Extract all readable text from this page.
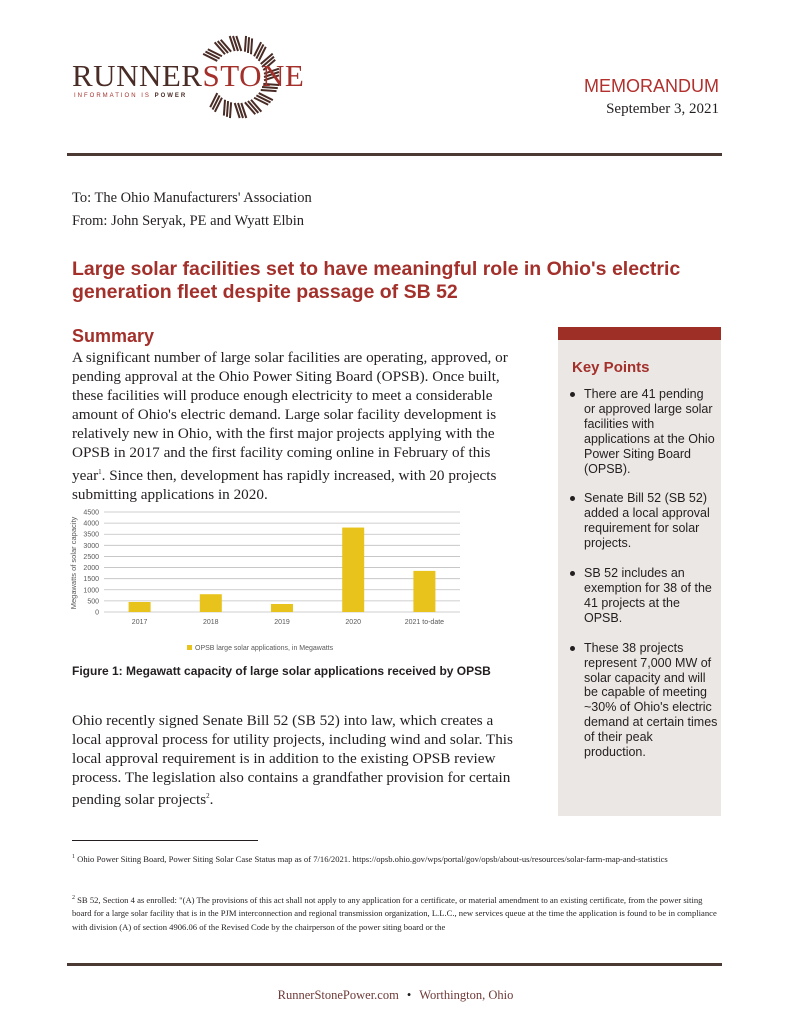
RUNNERSTONE
INFORMATION IS POWER	MEMORANDUM
September 3, 2021
To: The Ohio Manufacturers' Association
From: John Seryak, PE and Wyatt Elbin
Large solar facilities set to have meaningful role in Ohio's electric generation fleet despite passage of SB 52
Summary
A significant number of large solar facilities are operating, approved, or pending approval at the Ohio Power Siting Board (OPSB). Once built, these facilities will produce enough electricity to meet a considerable amount of Ohio's electric demand. Large solar facility development is relatively new in Ohio, with the first major projects applying with the OPSB in 2017 and the first facility coming online in February of this year$^1$. Since then, development has rapidly increased, with 20 projects submitting applications in 2020.
0
500
1000
1500
2000
2500
3000
3500
4000
4500
2017	2018	2019	2020	2021 to-date
Megawatts of solar capacity
OPSB large solar applications, in Megawatts
Figure 1: Megawatt capacity of large solar applications received by OPSB
Ohio recently signed Senate Bill 52 (SB 52) into law, which creates a local approval process for utility projects, including wind and solar. This local approval requirement is in addition to the existing OPSB review process. The legislation also contains a grandfather provision for certain pending solar projects$^2$.
Key Points
There are 41 pending or approved large solar facilities with applications at the Ohio Power Siting Board (OPSB).
Senate Bill 52 (SB 52) added a local approval requirement for solar projects.
SB 52 includes an exemption for 38 of the 41 projects at the OPSB.
These 38 projects represent 7,000 MW of solar capacity and will be capable of meeting ~30% of Ohio's electric demand at certain times of their peak production.
$^1$ Ohio Power Siting Board, Power Siting Solar Case Status map as of 7/16/2021. https://opsb.ohio.gov/wps/portal/gov/opsb/about-us/resources/solar-farm-map-and-statistics
$^2$ SB 52, Section 4 as enrolled: "(A) The provisions of this act shall not apply to any application for a certificate, or material amendment to an existing certificate, from the power siting board for a large solar facility that is in the PJM interconnection and regional transmission organization, L.L.C., new services queue at the time the application is found to be in compliance with division (A) of section 4906.06 of the Revised Code by the chairperson of the power siting board or the
RunnerStonePower.com • Worthington, Ohio
